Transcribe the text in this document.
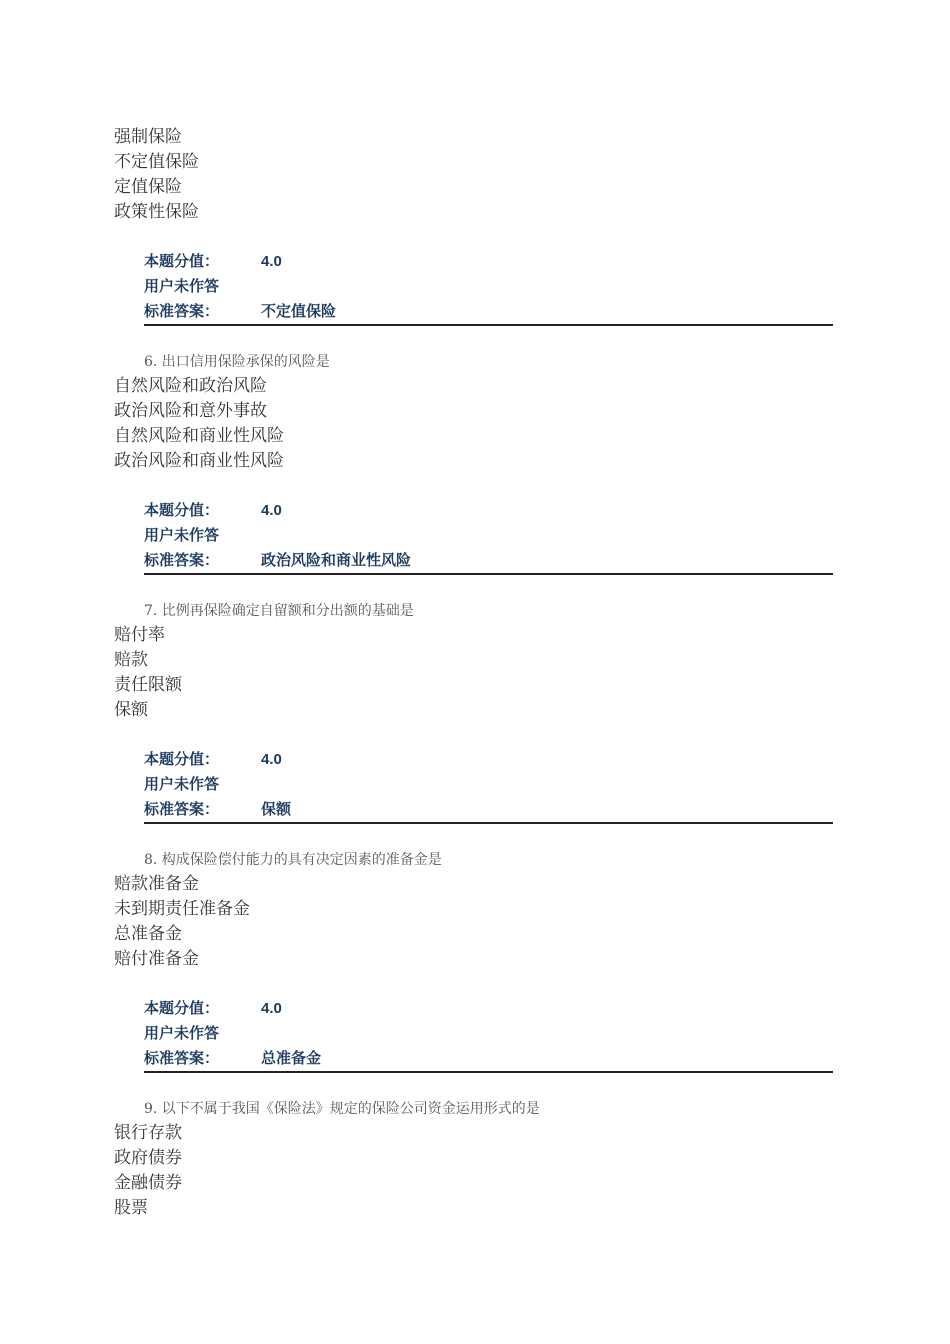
强制保险
不定值保险
定值保险
政策性保险
本题分值：	4.0
用户未作答
标准答案：	不定值保险
6. 出口信用保险承保的风险是
自然风险和政治风险
政治风险和意外事故
自然风险和商业性风险
政治风险和商业性风险
本题分值：	4.0
用户未作答
标准答案：	政治风险和商业性风险
7. 比例再保险确定自留额和分出额的基础是
赔付率
赔款
责任限额
保额
本题分值：	4.0
用户未作答
标准答案：	保额
8. 构成保险偿付能力的具有决定因素的准备金是
赔款准备金
未到期责任准备金
总准备金
赔付准备金
本题分值：	4.0
用户未作答
标准答案：	总准备金
9. 以下不属于我国《保险法》规定的保险公司资金运用形式的是
银行存款
政府债券
金融债券
股票
